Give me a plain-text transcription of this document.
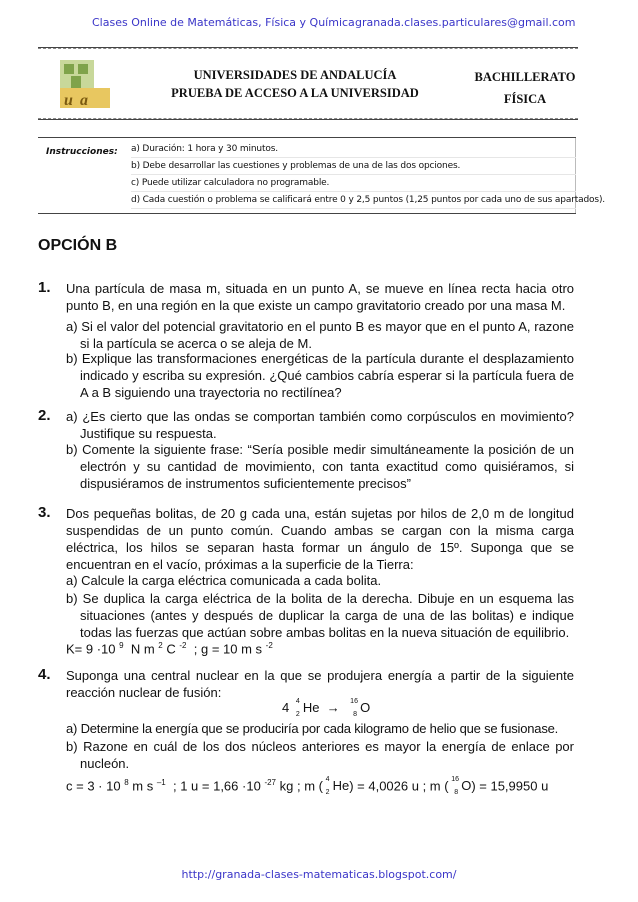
Clases Online de Matemáticas, Física y Química granada.clases.particulares@gmail.com
u a
UNIVERSIDADES DE ANDALUCÍA
PRUEBA DE ACCESO A LA UNIVERSIDAD
BACHILLERATO
FÍSICA
Instrucciones: a) Duración: 1 hora y 30 minutos.
b) Debe desarrollar las cuestiones y problemas de una de las dos opciones.
c) Puede utilizar calculadora no programable.
d) Cada cuestión o problema se calificará entre 0 y 2,5 puntos (1,25 puntos por cada uno de sus apartados).
OPCIÓN B
1. Una partícula de masa m, situada en un punto A, se mueve en línea recta hacia otro
punto B, en una región en la que existe un campo gravitatorio creado por una masa M.
a) Si el valor del potencial gravitatorio en el punto B es mayor que en el punto A, razone
si la partícula se acerca o se aleja de M.
b) Explique las transformaciones energéticas de la partícula durante el desplazamiento
indicado y escriba su expresión. ¿Qué cambios cabría esperar si la partícula fuera de
A a B siguiendo una trayectoria no rectilínea?
2. a) ¿Es cierto que las ondas se comportan también como corpúsculos en movimiento?
Justifique su respuesta.
b) Comente la siguiente frase: “Sería posible medir simultáneamente la posición de un
electrón y su cantidad de movimiento, con tanta exactitud como quisiéramos, si
dispusiéramos de instrumentos suficientemente precisos”
3. Dos pequeñas bolitas, de 20 g cada una, están sujetas por hilos de 2,0 m de longitud
suspendidas de un punto común. Cuando ambas se cargan con la misma carga
eléctrica, los hilos se separan hasta formar un ángulo de 15º. Suponga que se
encuentran en el vacío, próximas a la superficie de la Tierra:
a) Calcule la carga eléctrica comunicada a cada bolita.
b) Se duplica la carga eléctrica de la bolita de la derecha. Dibuje en un esquema las
situaciones (antes y después de duplicar la carga de una de las bolitas) e indique
todas las fuerzas que actúan sobre ambas bolitas en la nueva situación de equilibrio.
K= 9 ·10 $^9$ N m $^2$ C $^{-2}$ ; g = 10 m s $^{-2}$
4. Suponga una central nuclear en la que se produjera energía a partir de la siguiente
reacción nuclear de fusión:
4 4
2 He → 16
8 O
a) Determine la energía que se produciría por cada kilogramo de helio que se fusionase.
b) Razone en cuál de los dos núcleos anteriores es mayor la energía de enlace por
nucleón.
c = 3 · 10 $^8$ m s $^{-1}$ ; 1 u = 1,66 ·10 $^{-27}$ kg ; m ( 4
2 He) = 4,0026 u ; m ( 16
8 O) = 15,9950 u
http://granada-clases-matematicas.blogspot.com/
